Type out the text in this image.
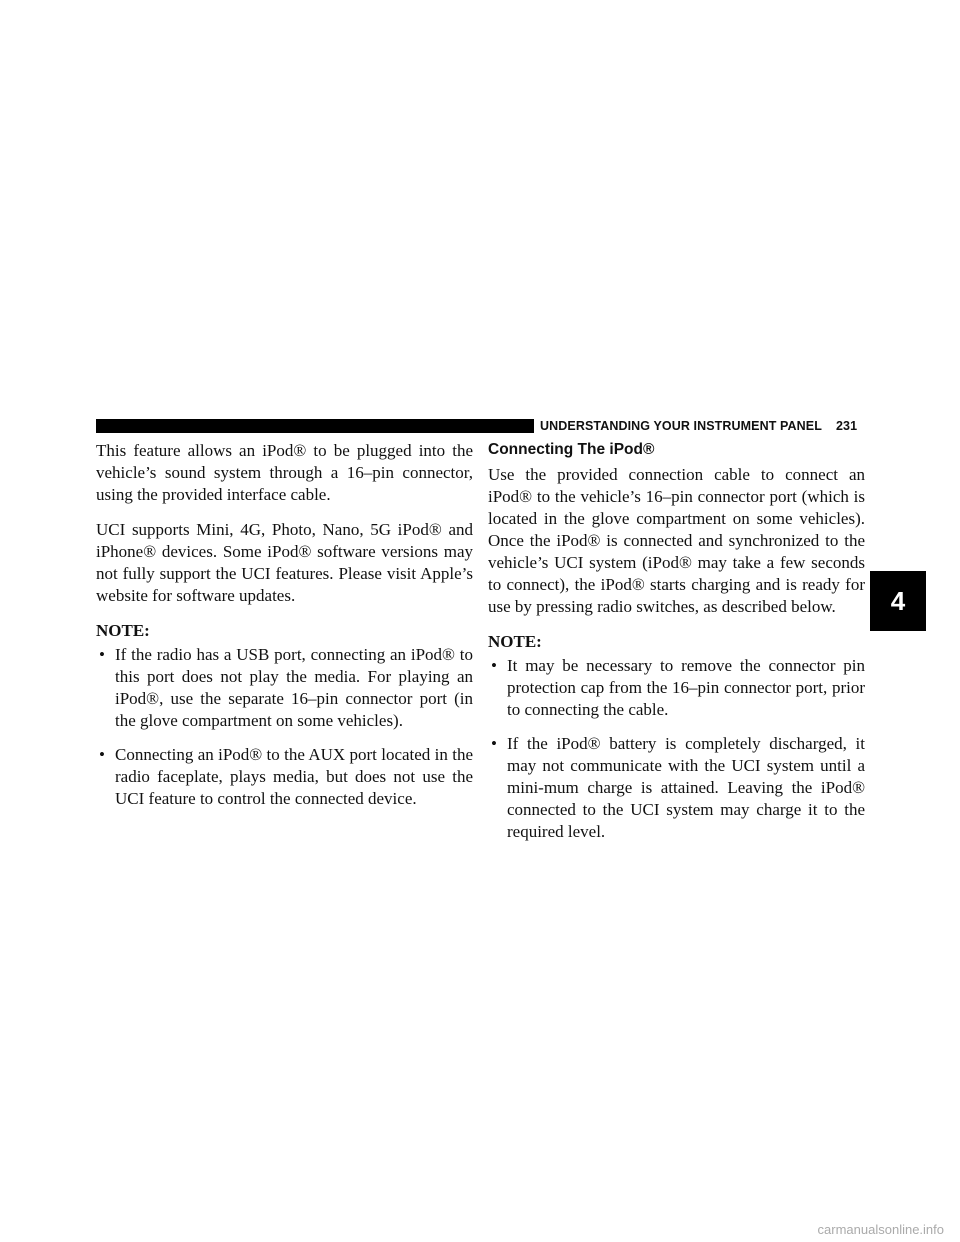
UNDERSTANDING YOUR INSTRUMENT PANEL 231

This feature allows an iPod® to be plugged into the vehicle’s sound system through a 16–pin connector, using the provided interface cable.

UCI supports Mini, 4G, Photo, Nano, 5G iPod® and iPhone® devices. Some iPod® software versions may not fully support the UCI features. Please visit Apple’s website for software updates.

NOTE:
• If the radio has a USB port, connecting an iPod® to this port does not play the media. For playing an iPod®, use the separate 16–pin connector port (in the glove compartment on some vehicles).
• Connecting an iPod® to the AUX port located in the radio faceplate, plays media, but does not use the UCI feature to control the connected device.
Connecting The iPod®

Use the provided connection cable to connect an iPod® to the vehicle’s 16–pin connector port (which is located in the glove compartment on some vehicles). Once the iPod® is connected and synchronized to the vehicle’s UCI system (iPod® may take a few seconds to connect), the iPod® starts charging and is ready for use by pressing radio switches, as described below.

NOTE:
• It may be necessary to remove the connector pin protection cap from the 16–pin connector port, prior to connecting the cable.
• If the iPod® battery is completely discharged, it may not communicate with the UCI system until a mini-mum charge is attained. Leaving the iPod® connected to the UCI system may charge it to the required level.
4
carmanualsonline.info
